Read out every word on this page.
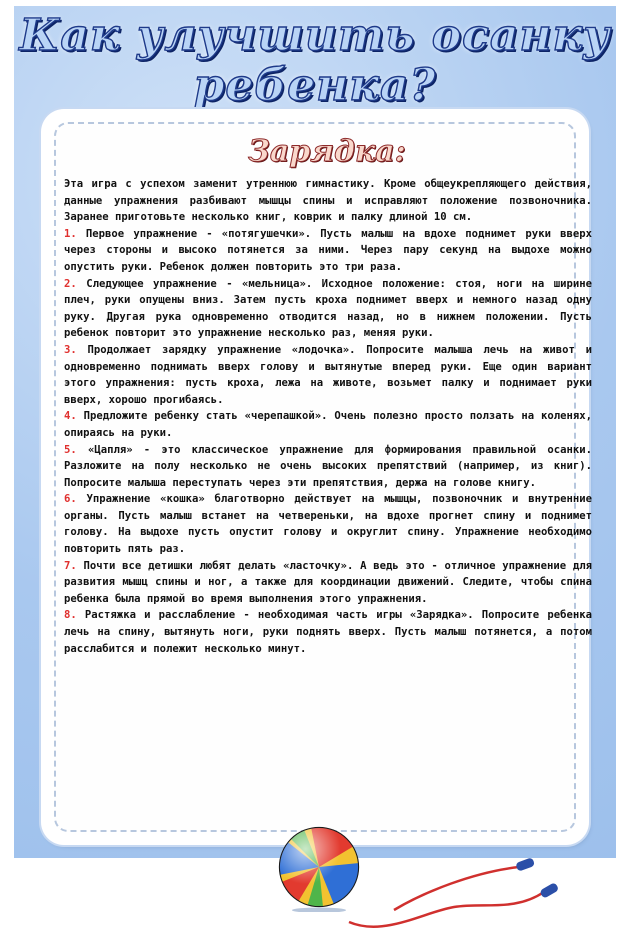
Как улучшить осанку
ребенка?
Зарядка:

Эта игра с успехом заменит утреннюю гимнастику. Кроме общеукрепляющего действия, данные упражнения разбивают мышцы спины и исправляют положение позвоночника. Заранее приготовьте несколько книг, коврик и палку длиной 10 см.

1. Первое упражнение - «потягушечки». Пусть малыш на вдохе поднимет руки вверх через стороны и высоко потянется за ними. Через пару секунд на выдохе можно опустить руки. Ребенок должен повторить это три раза.

2. Следующее упражнение - «мельница». Исходное положение: стоя, ноги на ширине плеч, руки опущены вниз. Затем пусть кроха поднимет вверх и немного назад одну руку. Другая рука одновременно отводится назад, но в нижнем положении. Пусть ребенок повторит это упражнение несколько раз, меняя руки.

3. Продолжает зарядку упражнение «лодочка». Попросите малыша лечь на живот и одновременно поднимать вверх голову и вытянутые вперед руки. Еще один вариант этого упражнения: пусть кроха, лежа на животе, возьмет палку и поднимает руки вверх, хорошо прогибаясь.

4. Предложите ребенку стать «черепашкой». Очень полезно просто ползать на коленях, опираясь на руки.

5. «Цапля» - это классическое упражнение для формирования правильной осанки. Разложите на полу несколько не очень высоких препятствий (например, из книг). Попросите малыша переступать через эти препятствия, держа на голове книгу.

6. Упражнение «кошка» благотворно действует на мышцы, позвоночник и внутренние органы. Пусть малыш встанет на четвереньки, на вдохе прогнет спину и поднимет голову. На выдохе пусть опустит голову и округлит спину. Упражнение необходимо повторить пять раз.

7. Почти все детишки любят делать «ласточку». А ведь это - отличное упражнение для развития мышц спины и ног, а также для координации движений. Следите, чтобы спина ребенка была прямой во время выполнения этого упражнения.

8. Растяжка и расслабление - необходимая часть игры «Зарядка». Попросите ребенка лечь на спину, вытянуть ноги, руки поднять вверх. Пусть малыш потянется, а потом расслабится и полежит несколько минут.
